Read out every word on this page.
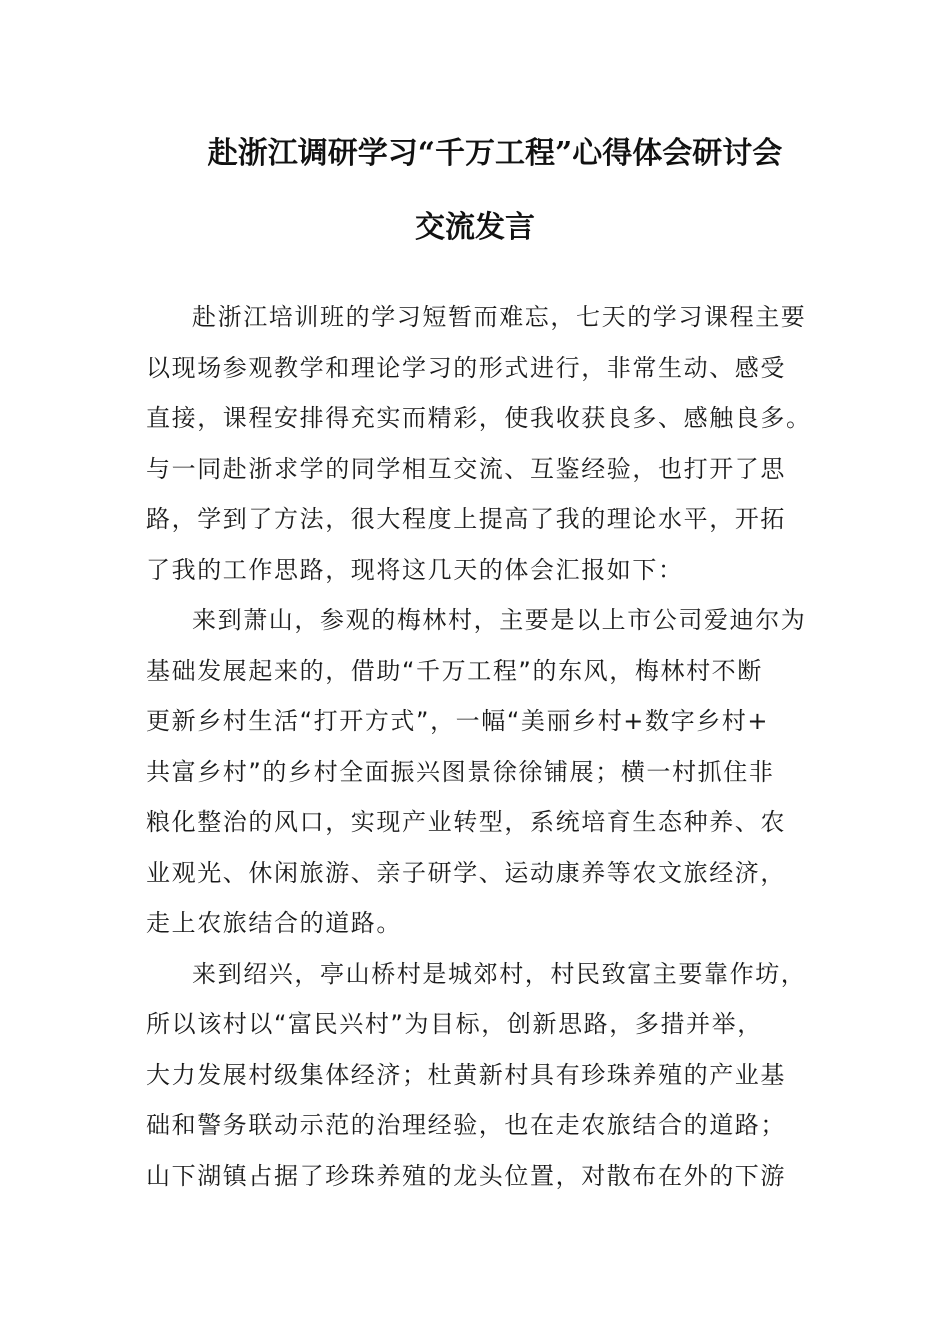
赴浙江调研学习“千万工程”心得体会研讨会
交流发言
赴浙江培训班的学习短暂而难忘，七天的学习课程主要
以现场参观教学和理论学习的形式进行，非常生动、感受
直接，课程安排得充实而精彩，使我收获良多、感触良多。
与一同赴浙求学的同学相互交流、互鉴经验，也打开了思
路，学到了方法，很大程度上提高了我的理论水平，开拓
了我的工作思路，现将这几天的体会汇报如下：
来到萧山，参观的梅林村，主要是以上市公司爱迪尔为
基础发展起来的，借助“千万工程”的东风，梅林村不断
更新乡村生活“打开方式”，一幅“美丽乡村+数字乡村+
共富乡村”的乡村全面振兴图景徐徐铺展；横一村抓住非
粮化整治的风口，实现产业转型，系统培育生态种养、农
业观光、休闲旅游、亲子研学、运动康养等农文旅经济，
走上农旅结合的道路。
来到绍兴，亭山桥村是城郊村，村民致富主要靠作坊，
所以该村以“富民兴村”为目标，创新思路，多措并举，
大力发展村级集体经济；杜黄新村具有珍珠养殖的产业基
础和警务联动示范的治理经验，也在走农旅结合的道路；
山下湖镇占据了珍珠养殖的龙头位置，对散布在外的下游
